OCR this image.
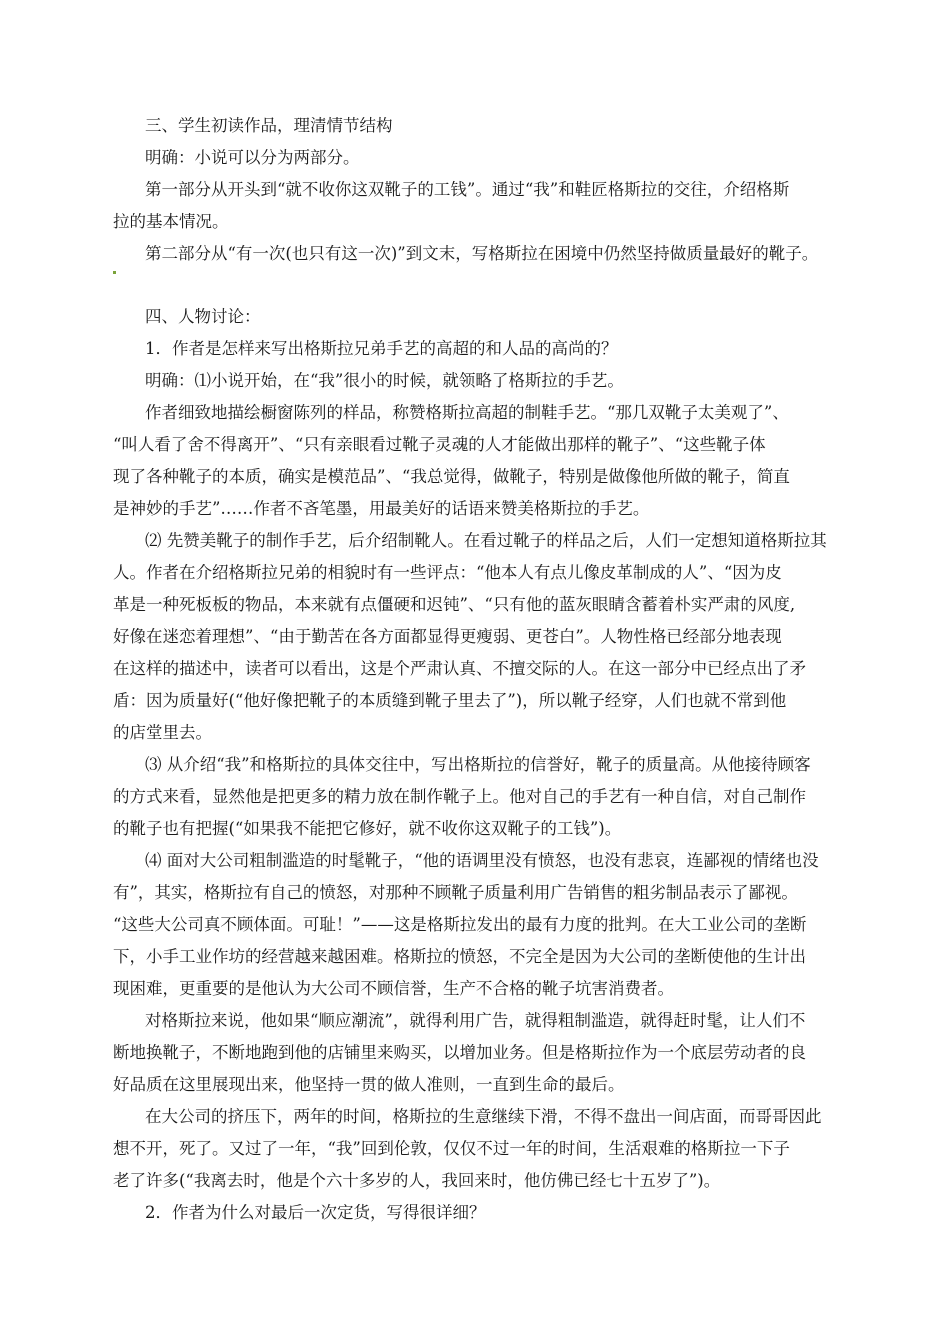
三、学生初读作品，理清情节结构
明确：小说可以分为两部分。
第一部分从开头到“就不收你这双靴子的工钱”。通过“我”和鞋匠格斯拉的交往，介绍格斯
拉的基本情况。
第二部分从“有一次(也只有这一次)”到文末，写格斯拉在困境中仍然坚持做质量最好的靴子。
四、人物讨论：
1．作者是怎样来写出格斯拉兄弟手艺的高超的和人品的高尚的？
明确：⑴小说开始，在“我”很小的时候，就领略了格斯拉的手艺。
作者细致地描绘橱窗陈列的样品，称赞格斯拉高超的制鞋手艺。“那几双靴子太美观了”、
“叫人看了舍不得离开”、“只有亲眼看过靴子灵魂的人才能做出那样的靴子”、“这些靴子体
现了各种靴子的本质，确实是模范品”、“我总觉得，做靴子，特别是做像他所做的靴子，简直
是神妙的手艺”……作者不吝笔墨，用最美好的话语来赞美格斯拉的手艺。
⑵ 先赞美靴子的制作手艺，后介绍制靴人。在看过靴子的样品之后，人们一定想知道格斯拉其
人。作者在介绍格斯拉兄弟的相貌时有一些评点：“他本人有点儿像皮革制成的人”、“因为皮
革是一种死板板的物品，本来就有点僵硬和迟钝”、“只有他的蓝灰眼睛含蓄着朴实严肃的风度,
好像在迷恋着理想”、“由于勤苦在各方面都显得更瘦弱、更苍白”。人物性格已经部分地表现
在这样的描述中，读者可以看出，这是个严肃认真、不擅交际的人。在这一部分中已经点出了矛
盾：因为质量好(“他好像把靴子的本质缝到靴子里去了”)，所以靴子经穿，人们也就不常到他
的店堂里去。
⑶ 从介绍“我”和格斯拉的具体交往中，写出格斯拉的信誉好，靴子的质量高。从他接待顾客
的方式来看，显然他是把更多的精力放在制作靴子上。他对自己的手艺有一种自信，对自己制作
的靴子也有把握(“如果我不能把它修好，就不收你这双靴子的工钱”)。
⑷ 面对大公司粗制滥造的时髦靴子，“他的语调里没有愤怒，也没有悲哀，连鄙视的情绪也没
有”，其实，格斯拉有自己的愤怒，对那种不顾靴子质量利用广告销售的粗劣制品表示了鄙视。
“这些大公司真不顾体面。可耻！”——这是格斯拉发出的最有力度的批判。在大工业公司的垄断
下，小手工业作坊的经营越来越困难。格斯拉的愤怒，不完全是因为大公司的垄断使他的生计出
现困难，更重要的是他认为大公司不顾信誉，生产不合格的靴子坑害消费者。
对格斯拉来说，他如果“顺应潮流”，就得利用广告，就得粗制滥造，就得赶时髦，让人们不
断地换靴子，不断地跑到他的店铺里来购买，以增加业务。但是格斯拉作为一个底层劳动者的良
好品质在这里展现出来，他坚持一贯的做人准则，一直到生命的最后。
在大公司的挤压下，两年的时间，格斯拉的生意继续下滑，不得不盘出一间店面，而哥哥因此
想不开，死了。又过了一年，“我”回到伦敦，仅仅不过一年的时间，生活艰难的格斯拉一下子
老了许多(“我离去时，他是个六十多岁的人，我回来时，他仿佛已经七十五岁了”)。
2．作者为什么对最后一次定货，写得很详细？
